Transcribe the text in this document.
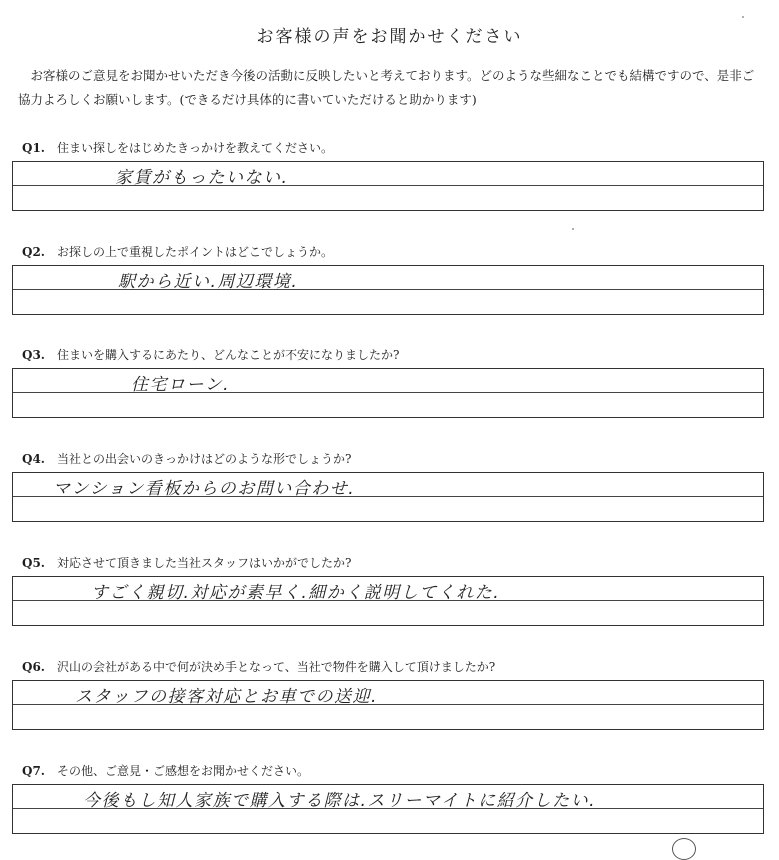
お客様の声をお聞かせください
　お客様のご意見をお聞かせいただき今後の活動に反映したいと考えております。どのような些細なことでも結構ですので、是非ご協力よろしくお願いします。(できるだけ具体的に書いていただけると助かります)
Q1. 住まい探しをはじめたきっかけを教えてください。
家賃がもったいない.
Q2. お探しの上で重視したポイントはどこでしょうか。
駅から近い.周辺環境.
Q3. 住まいを購入するにあたり、どんなことが不安になりましたか?
住宅ローン.
Q4. 当社との出会いのきっかけはどのような形でしょうか?
マンション看板からのお問い合わせ.
Q5. 対応させて頂きました当社スタッフはいかがでしたか?
すごく親切.対応が素早く.細かく説明してくれた.
Q6. 沢山の会社がある中で何が決め手となって、当社で物件を購入して頂けましたか?
スタッフの接客対応とお車での送迎.
Q7. その他、ご意見・ご感想をお聞かせください。
今後もし知人家族で購入する際は.スリーマイトに紹介したい.
